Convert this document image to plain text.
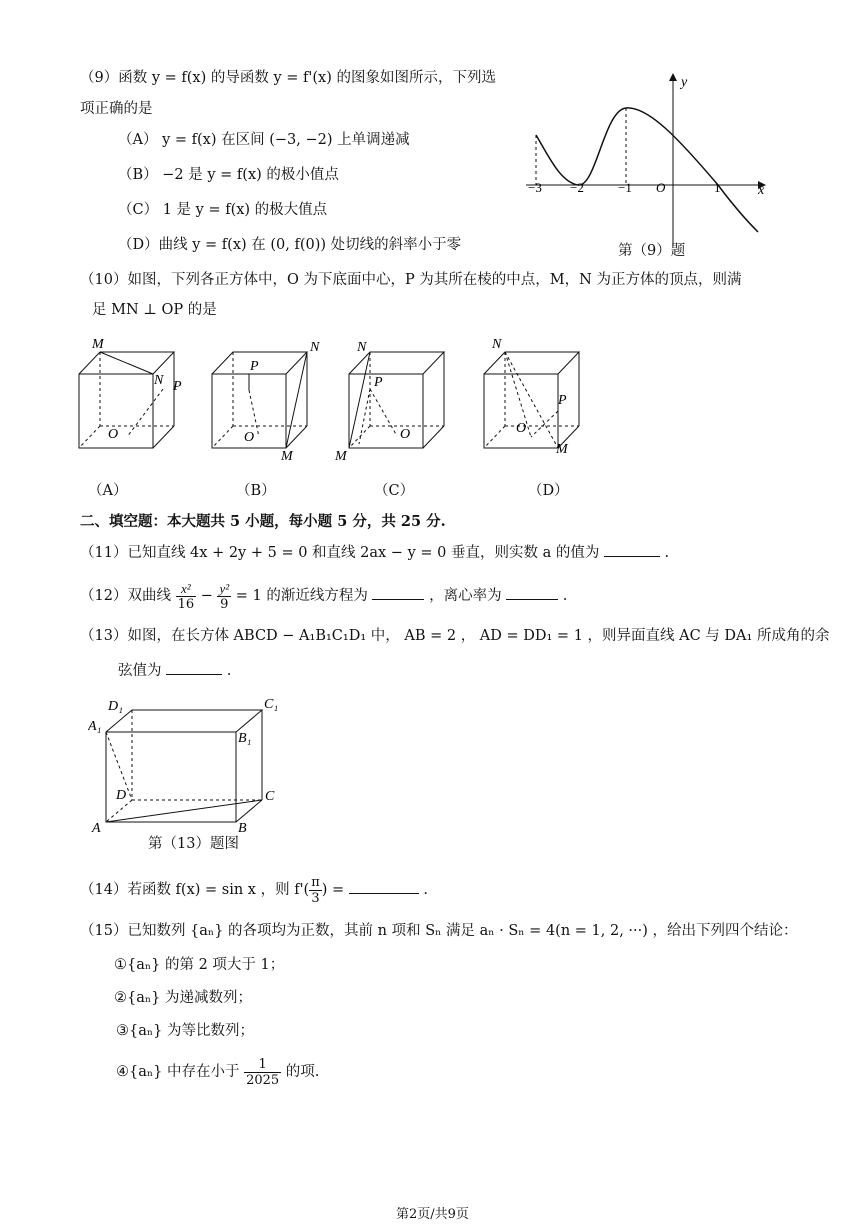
（9）函数 y = f(x) 的导函数 y = f'(x) 的图象如图所示，下列选
项正确的是
（A） y = f(x) 在区间 (−3, −2) 上单调递减
（B） −2 是 y = f(x) 的极小值点
（C） 1 是 y = f(x) 的极大值点
（D）曲线 y = f(x) 在 (0, f(0)) 处切线的斜率小于零
y
x
O
−3 −2	−1	1
第（9）题
（10）如图，下列各正方体中，O 为下底面中心，P 为其所在棱的中点，M，N 为正方体的顶点，则满
足 MN ⊥ OP 的是
M
N P
O
P
N
O
M
N
P
O
M
N
P
O
M
（A）	（B）	（C）	（D）
二、填空题：本大题共 5 小题，每小题 5 分，共 25 分.
（11）已知直线 4x + 2y + 5 = 0 和直线 2ax − y = 0 垂直，则实数 a 的值为	.
（12）双曲线 $\frac{\text{x²}}{16} - \frac{\text{y²}}{9} = 1$ 的渐近线方程为	，离心率为	.
（13）如图，在长方体 ABCD − A₁B₁C₁D₁ 中， AB = 2 ， AD = DD₁ = 1 ，则异面直线 AC 与 DA₁ 所成角的余
弦值为	.
D₁	C₁
A₁
B₁
D	C
A	B
第（13）题图
（14）若函数 f(x) = sin x ，则 $f'( \frac{\pi}{3}$ ) =	.
（15）已知数列 {aₙ} 的各项均为正数，其前 n 项和 Sₙ 满足 aₙ · Sₙ = 4(n = 1, 2, ···) ，给出下列四个结论：
①{aₙ} 的第 2 项大于 1；
②{aₙ} 为递减数列；
③{aₙ} 为等比数列；
④{aₙ} 中存在小于 $\frac{1}{2025}$ 的项.
第2页/共9页
